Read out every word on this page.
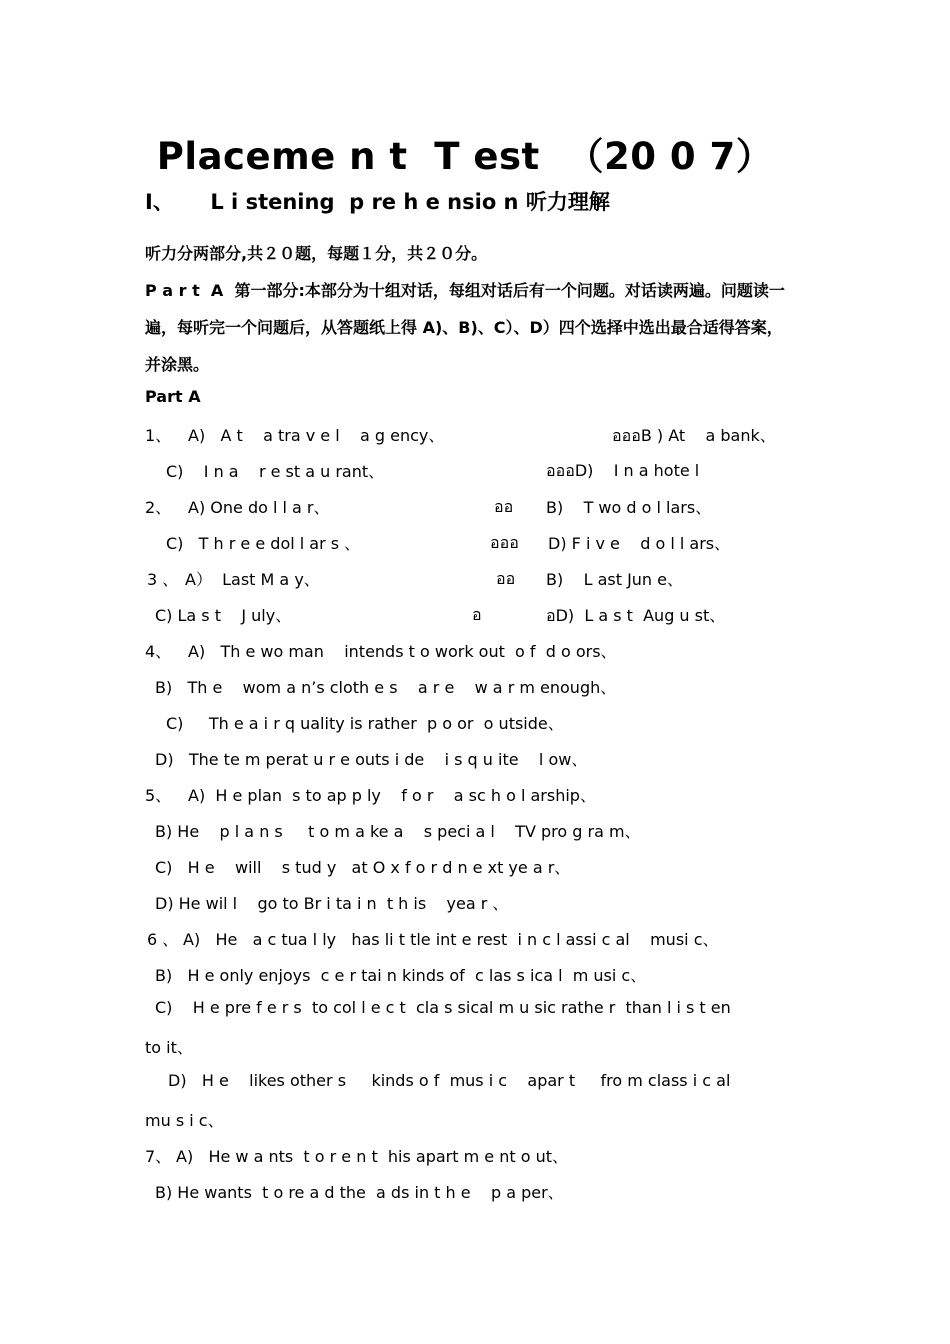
Placeme n t  T est  （20 0 7）
I、     L i stening  p re h e nsio n 听力理解
听力分两部分,共２０题，每题１分，共２０分。
P a r t  A  第一部分:本部分为十组对话，每组对话后有一个问题。对话读两遍。问题读一
遍，每听完一个问题后，从答题纸上得 A)、B)、C）、D）四个选择中选出最合适得答案，
并涂黑。
Part A
1、 A)   A t    a tra v e l    a g ency、	อออB ) At    a bank、
C)    I n a    r e st a u rant、	อออD)    I n a hote l
2、 A) One do l l a r、	ออ B)    T wo d o l lars、
C)   T h r e e dol l ar s 、	อออ D) F i v e    d o l l ars、
3 、 A）  Last M a y、	ออ B)    L ast Jun e、
C) La s t    J uly、	อ	อD)  L a s t  Aug u st、
4、 A)   Th e wo man    intends t o work out  o f  d o ors、
B)   Th e    wom a n’s cloth e s    a r e    w a r m enough、
C)     Th e a i r q uality is rather  p o or  o utside、
D)   The te m perat u r e outs i de    i s q u ite    l ow、
5、 A)  H e plan  s to ap p ly    f o r    a sc h o l arship、
B) He    p l a n s     t o m a ke a    s peci a l    TV pro g ra m、
C)   H e    will    s tud y   at O x f o r d n e xt ye a r、
D) He wil l    go to Br i ta i n  t h is    yea r 、
6 、 A)   He   a c tua l ly   has li t tle int e rest  i n c l assi c al    musi c、
B)   H e only enjoys  c e r tai n kinds of  c las s ica l  m usi c、
C)    H e pre f e r s  to col l e c t  cla s sical m u sic rathe r  than l i s t en
to it、
D)   H e    likes other s     kinds o f  mus i c    apar t     fro m class i c al
mu s i c、
7、 A)   He w a nts  t o r e n t  his apart m e nt o ut、
B) He wants  t o re a d the  a ds in t h e    p a per、
